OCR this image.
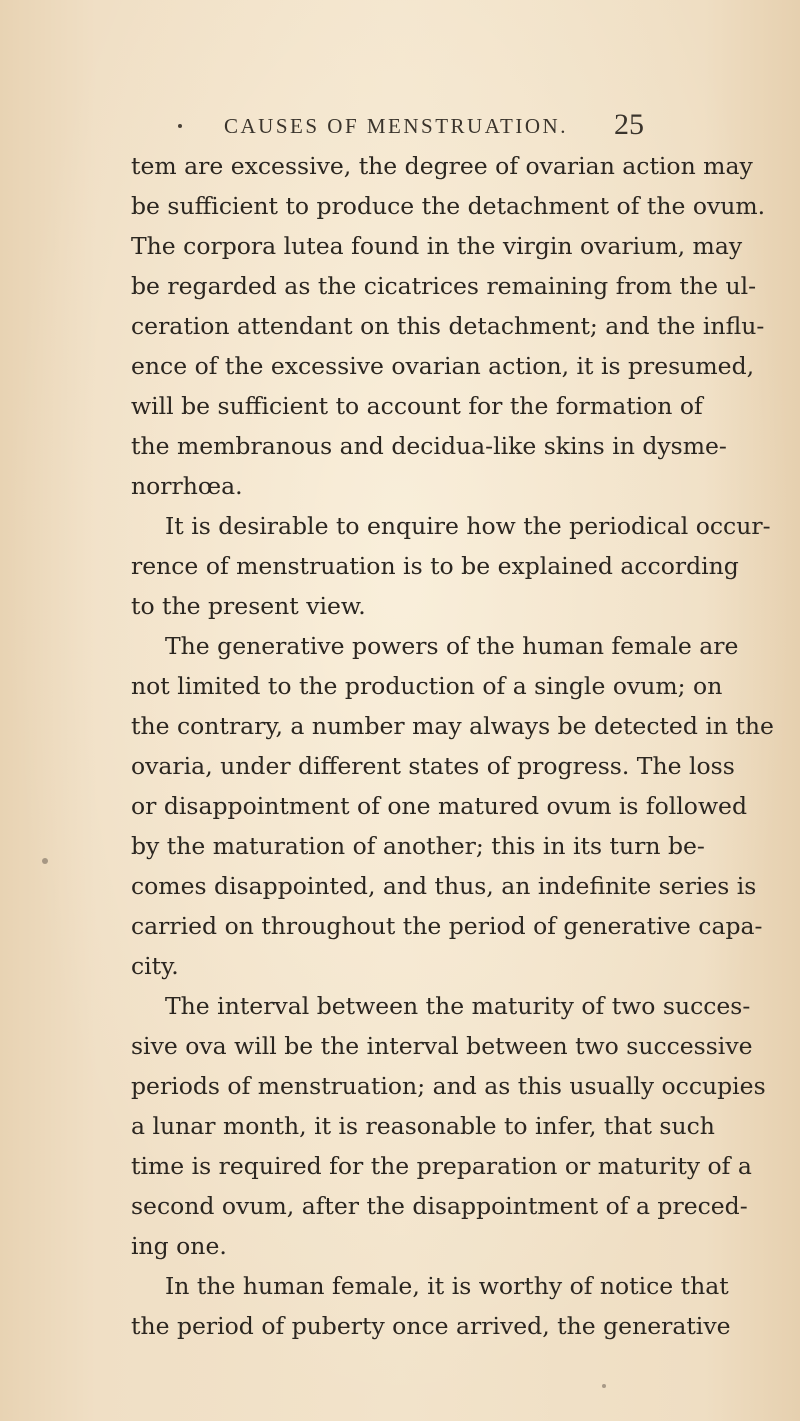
CAUSES OF MENSTRUATION. 25
tem are excessive, the degree of ovarian action may
be sufficient to produce the detachment of the ovum.
The corpora lutea found in the virgin ovarium, may
be regarded as the cicatrices remaining from the ul-
ceration attendant on this detachment; and the influ-
ence of the excessive ovarian action, it is presumed,
will be sufficient to account for the formation of
the membranous and decidua-like skins in dysme-
norrhœa.
It is desirable to enquire how the periodical occur-
rence of menstruation is to be explained according
to the present view.
The generative powers of the human female are
not limited to the production of a single ovum; on
the contrary, a number may always be detected in the
ovaria, under different states of progress. The loss
or disappointment of one matured ovum is followed
by the maturation of another; this in its turn be-
comes disappointed, and thus, an indefinite series is
carried on throughout the period of generative capa-
city.
The interval between the maturity of two succes-
sive ova will be the interval between two successive
periods of menstruation; and as this usually occupies
a lunar month, it is reasonable to infer, that such
time is required for the preparation or maturity of a
second ovum, after the disappointment of a preced-
ing one.
In the human female, it is worthy of notice that
the period of puberty once arrived, the generative
